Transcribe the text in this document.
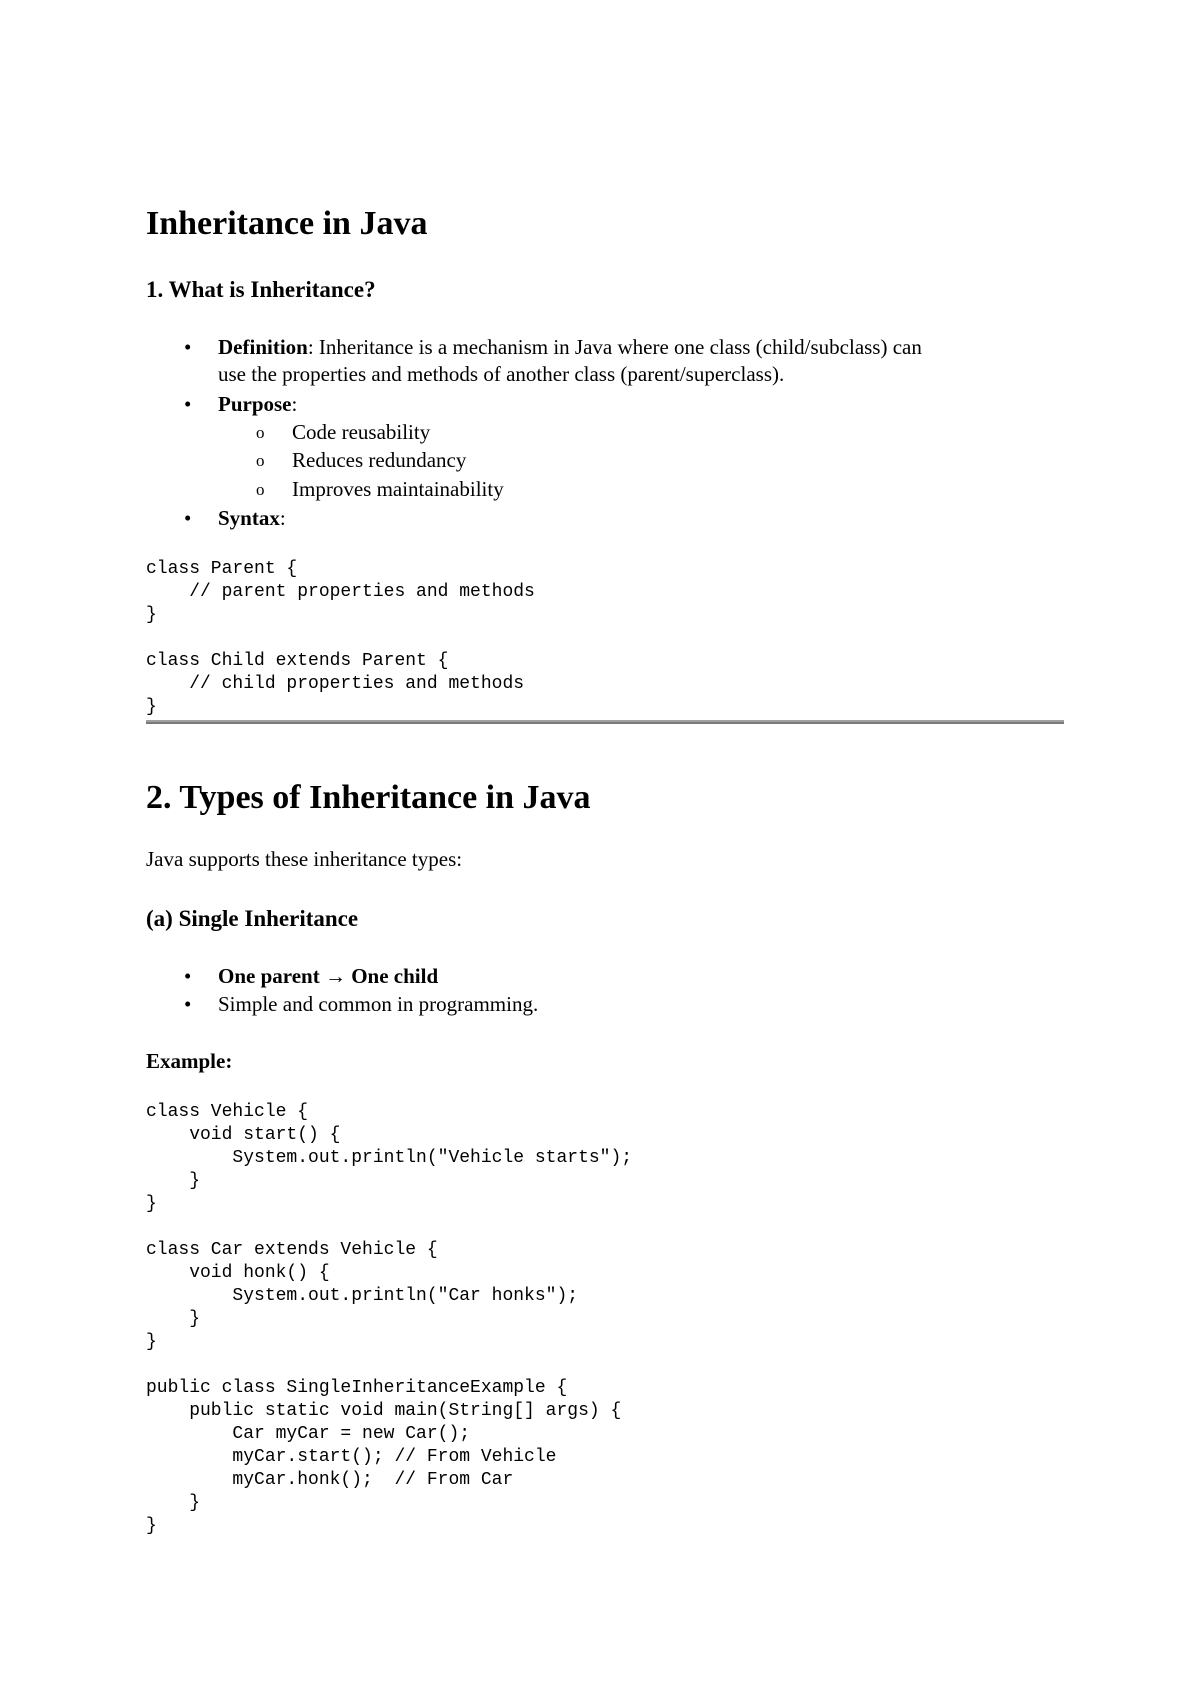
Inheritance in Java
1. What is Inheritance?
• Definition: Inheritance is a mechanism in Java where one class (child/subclass) can
use the properties and methods of another class (parent/superclass).
• Purpose:
o Code reusability
o Reduces redundancy
o Improves maintainability
• Syntax:
class Parent {
// parent properties and methods
}

class Child extends Parent {
// child properties and methods
}
2. Types of Inheritance in Java

Java supports these inheritance types:

(a) Single Inheritance
• One parent → One child
• Simple and common in programming.

Example:

class Vehicle {
void start() {
System.out.println("Vehicle starts");
}
}

class Car extends Vehicle {
void honk() {
System.out.println("Car honks");
}
}

public class SingleInheritanceExample {
public static void main(String[] args) {
Car myCar = new Car();
myCar.start(); // From Vehicle
myCar.honk();  // From Car
}
}
